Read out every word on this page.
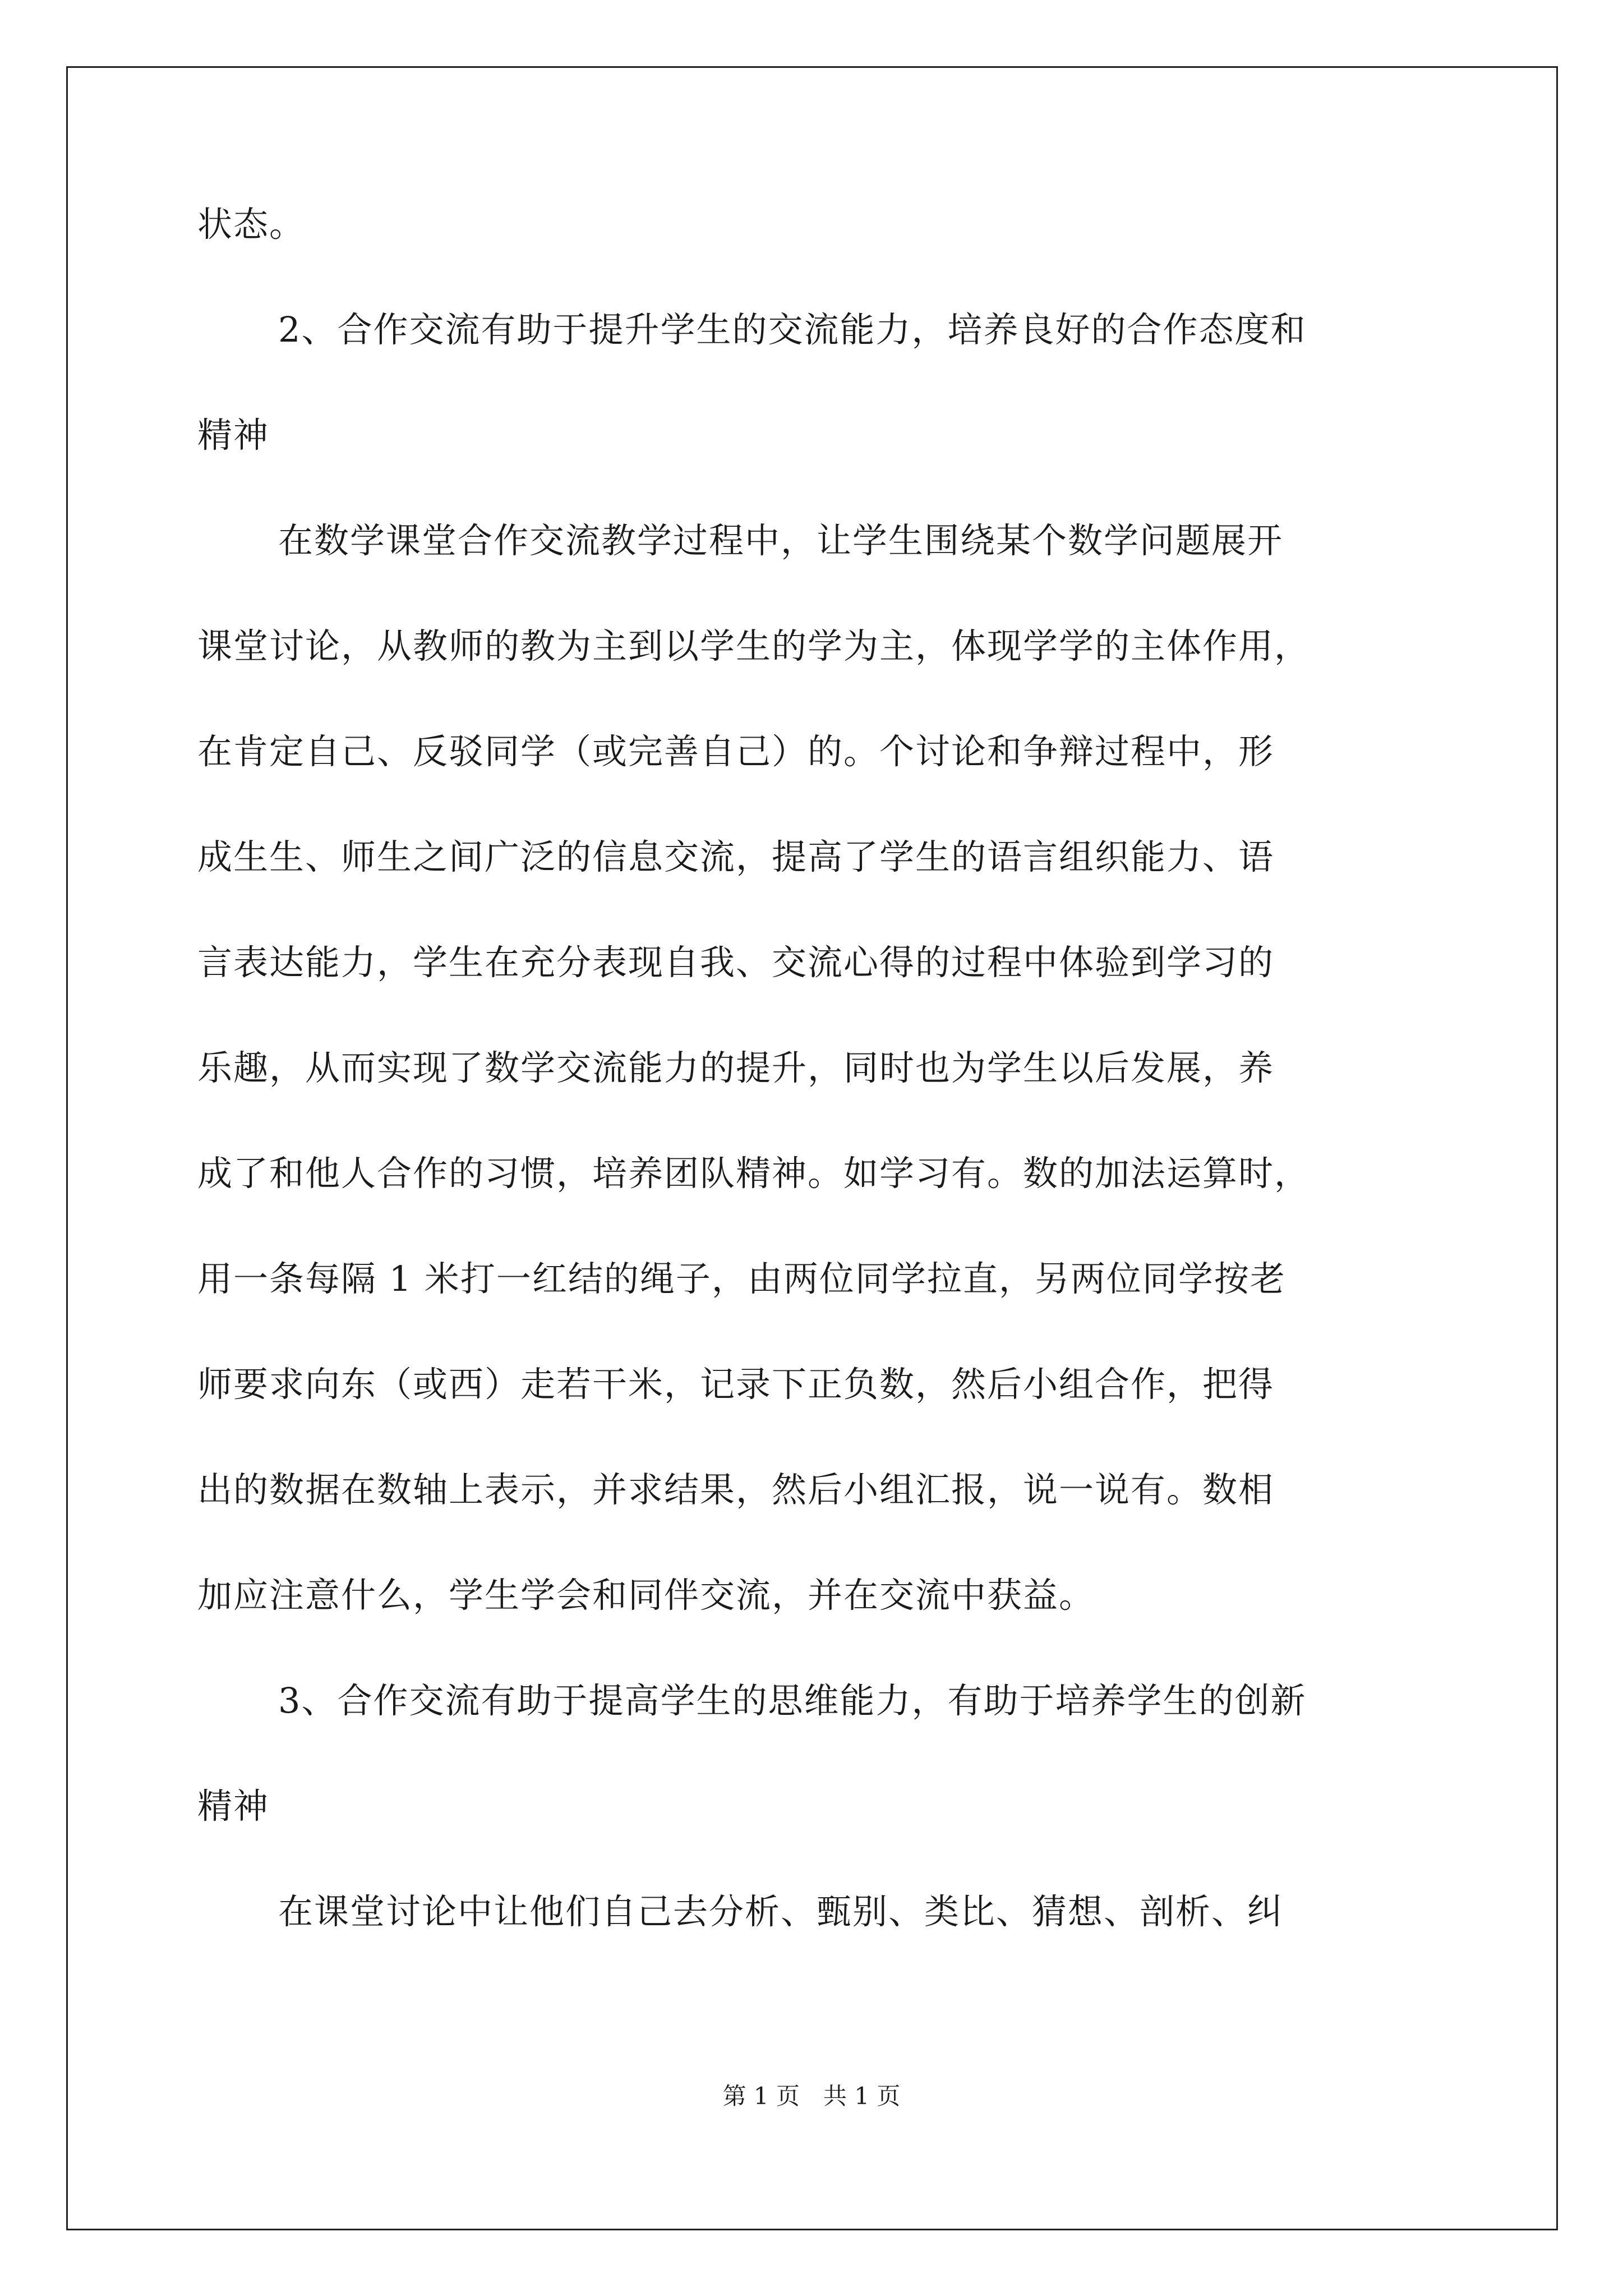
状态。
2、合作交流有助于提升学生的交流能力，培养良好的合作态度和
精神
在数学课堂合作交流教学过程中，让学生围绕某个数学问题展开
课堂讨论，从教师的教为主到以学生的学为主，体现学学的主体作用，
在肯定自己、反驳同学（或完善自己）的。个讨论和争辩过程中，形
成生生、师生之间广泛的信息交流，提高了学生的语言组织能力、语
言表达能力，学生在充分表现自我、交流心得的过程中体验到学习的
乐趣，从而实现了数学交流能力的提升，同时也为学生以后发展，养
成了和他人合作的习惯，培养团队精神。如学习有。数的加法运算时，
用一条每隔 1 米打一红结的绳子，由两位同学拉直，另两位同学按老
师要求向东（或西）走若干米，记录下正负数，然后小组合作，把得
出的数据在数轴上表示，并求结果，然后小组汇报，说一说有。数相
加应注意什么，学生学会和同伴交流，并在交流中获益。
3、合作交流有助于提高学生的思维能力，有助于培养学生的创新
精神
在课堂讨论中让他们自己去分析、甄别、类比、猜想、剖析、纠
第 1 页　共 1 页
